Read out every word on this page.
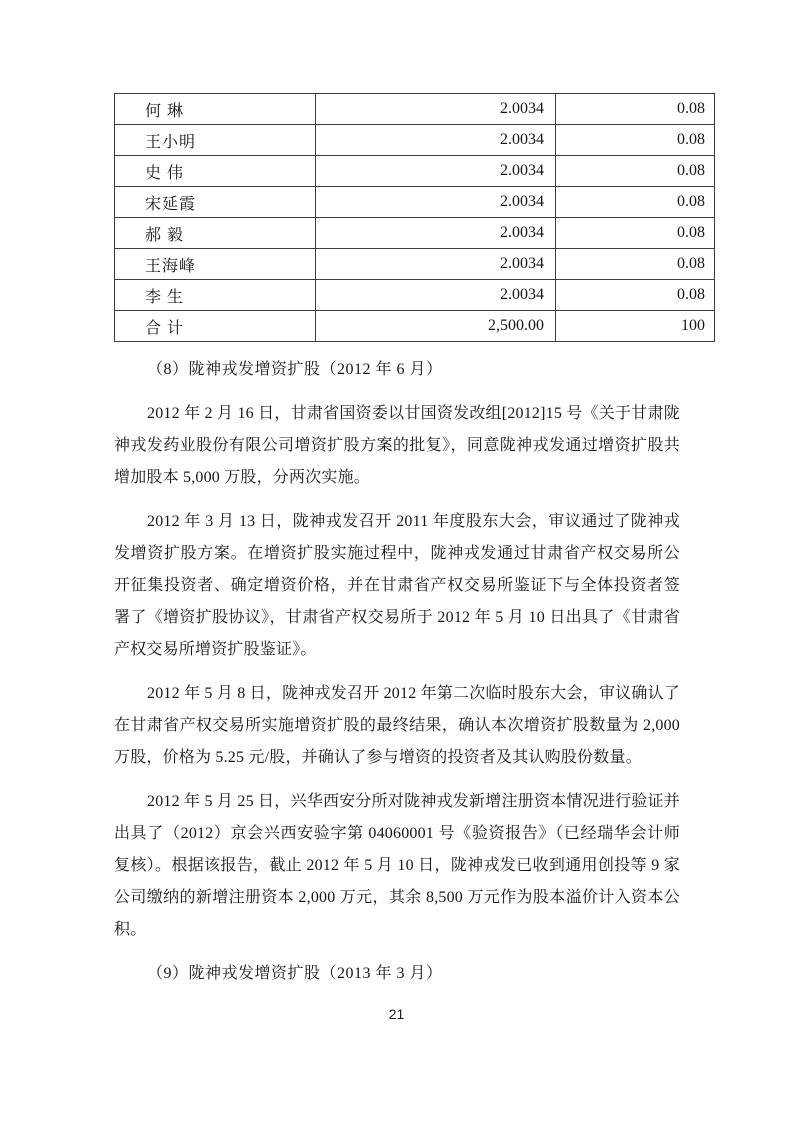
何 琳	2.0034	0.08
王小明	2.0034	0.08
史 伟	2.0034	0.08
宋延霞	2.0034	0.08
郝 毅	2.0034	0.08
王海峰	2.0034	0.08
李 生	2.0034	0.08
合 计	2,500.00	100
（8）陇神戎发增资扩股（2012 年 6 月）

2012 年 2 月 16 日，甘肃省国资委以甘国资发改组[2012]15 号《关于甘肃陇神戎发药业股份有限公司增资扩股方案的批复》，同意陇神戎发通过增资扩股共增加股本 5,000 万股，分两次实施。

2012 年 3 月 13 日，陇神戎发召开 2011 年度股东大会，审议通过了陇神戎发增资扩股方案。在增资扩股实施过程中，陇神戎发通过甘肃省产权交易所公开征集投资者、确定增资价格，并在甘肃省产权交易所鉴证下与全体投资者签署了《增资扩股协议》，甘肃省产权交易所于 2012 年 5 月 10 日出具了《甘肃省产权交易所增资扩股鉴证》。

2012 年 5 月 8 日，陇神戎发召开 2012 年第二次临时股东大会，审议确认了在甘肃省产权交易所实施增资扩股的最终结果，确认本次增资扩股数量为 2,000 万股，价格为 5.25 元/股，并确认了参与增资的投资者及其认购股份数量。

2012 年 5 月 25 日，兴华西安分所对陇神戎发新增注册资本情况进行验证并出具了（2012）京会兴西安验字第 04060001 号《验资报告》（已经瑞华会计师复核）。根据该报告，截止 2012 年 5 月 10 日，陇神戎发已收到通用创投等 9 家公司缴纳的新增注册资本 2,000 万元，其余 8,500 万元作为股本溢价计入资本公积。

（9）陇神戎发增资扩股（2013 年 3 月）
21
